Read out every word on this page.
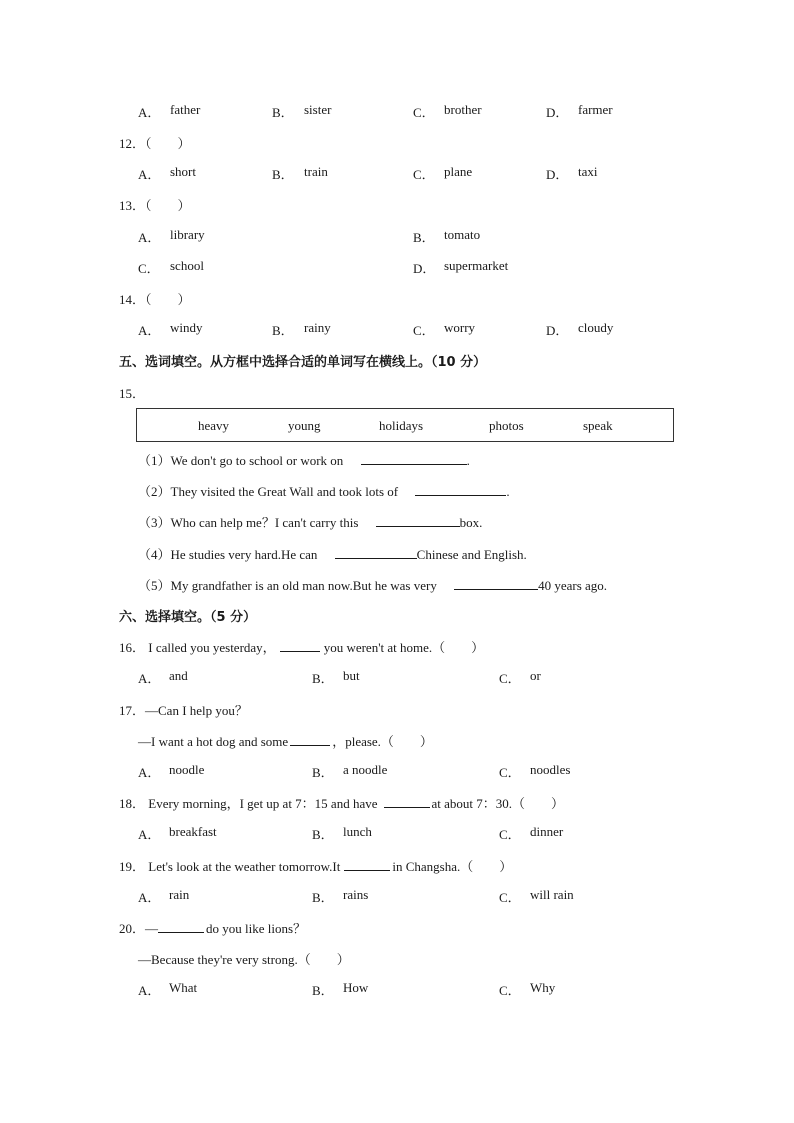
A． father	B． sister	C． brother	D． farmer
12．（　　）
A． short	B． train	C． plane	D． taxi
13．（　　）
A． library	B． tomato
C． school	D． supermarket
14．（　　）
A． windy	B． rainy	C． worry	D． cloudy
五、选词填空。从方框中选择合适的单词写在横线上。（10 分）
15．
heavy	young	holidays	photos	speak
（1）We don't go to school or work on	.
（2）They visited the Great Wall and took lots of	.
（3）Who can help me？I can't carry this	box.
（4）He studies very hard.He can	Chinese and English.
（5）My grandfather is an old man now.But he was very	40 years ago.
六、选择填空。（5 分）
16． I called you yesterday，	you weren't at home.（　　）
A． and	B． but	C． or
17．—Can I help you？
—I want a hot dog and some	，please.（　　）
A． noodle	B． a noodle	C． noodles
18． Every morning，I get up at 7：15 and have	at about 7：30.（　　）
A． breakfast	B． lunch	C． dinner
19． Let's look at the weather tomorrow.It	in Changsha.（　　）
A． rain	B． rains	C． will rain
20．—	do you like lions？
—Because they're very strong.（　　）
A． What	B． How	C． Why
